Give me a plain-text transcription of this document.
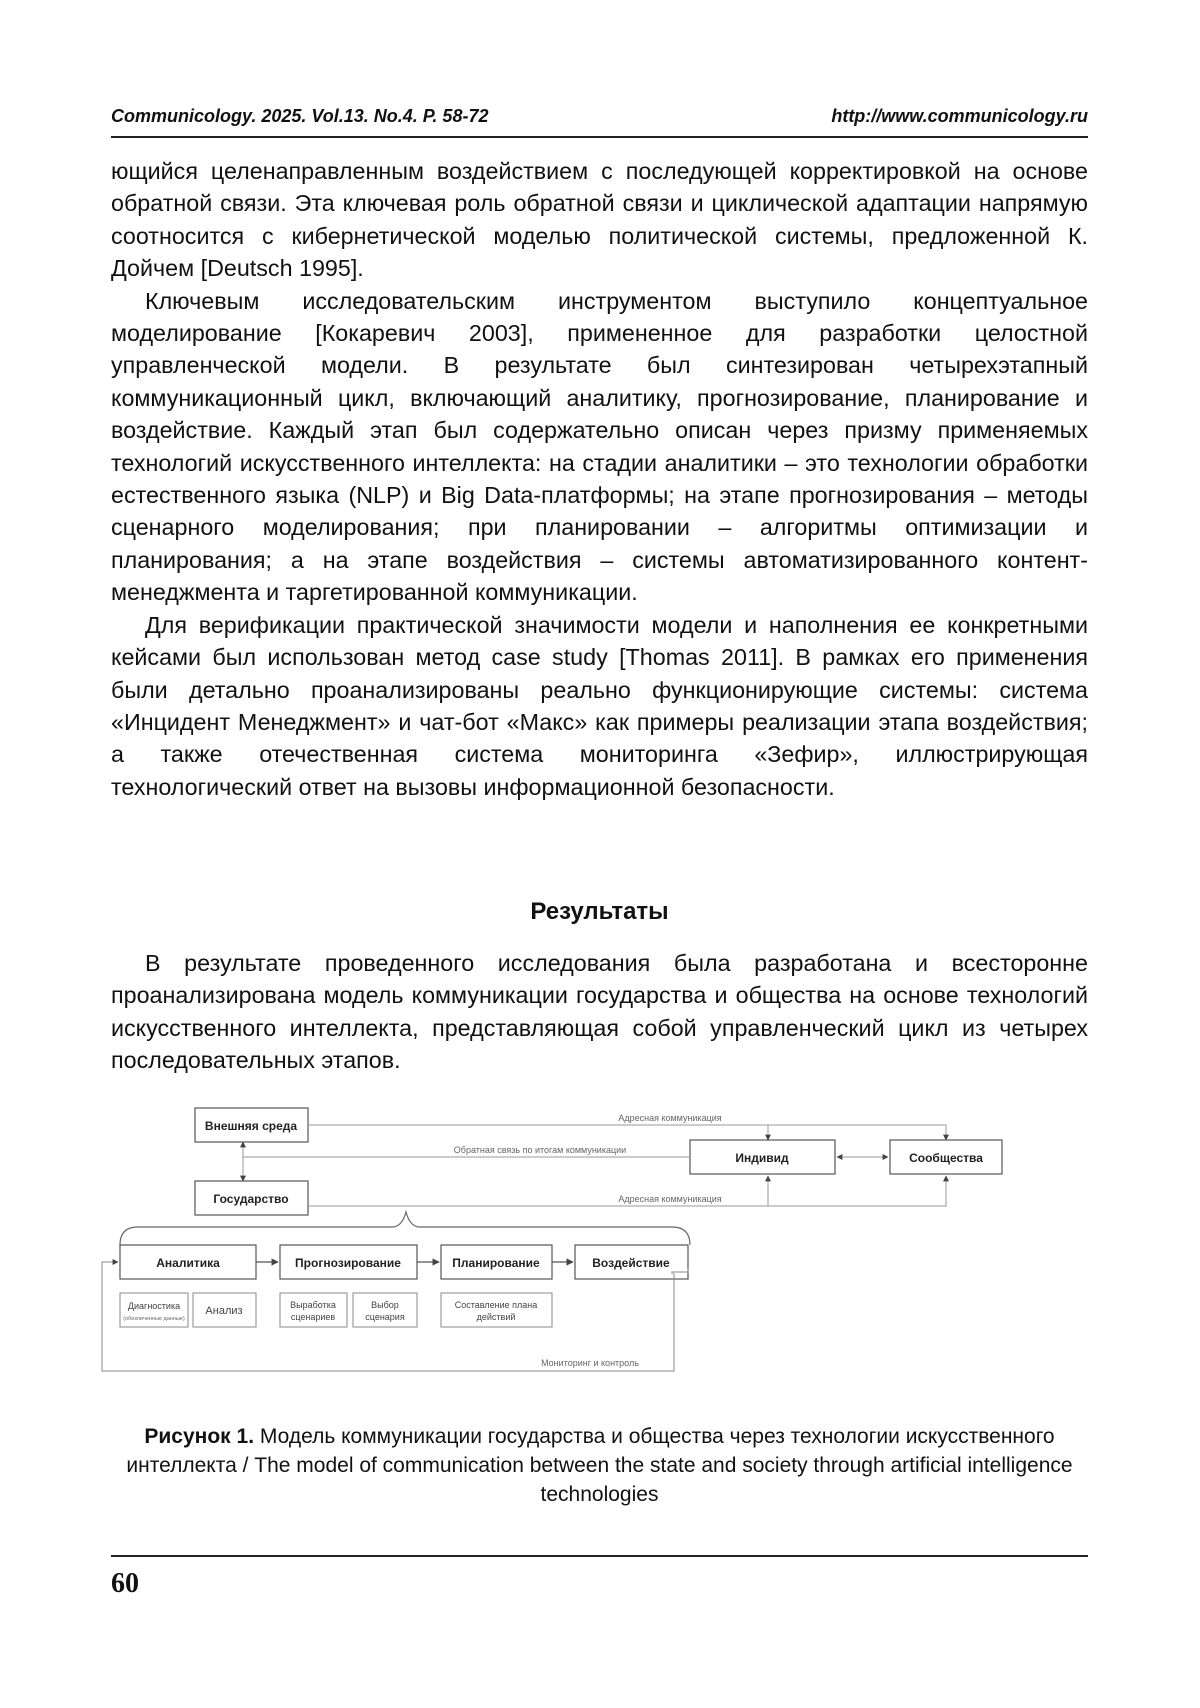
Communicology. 2025. Vol.13. No.4. P. 58-72	http://www.communicology.ru

ющийся целенаправленным воздействием с последующей корректировкой на основе обратной связи. Эта ключевая роль обратной связи и циклической адаптации напрямую соотносится с кибернетической моделью политической системы, предложенной К. Дойчем [Deutsch 1995].

Ключевым исследовательским инструментом выступило концептуальное моделирование [Кокаревич 2003], примененное для разработки целостной управленческой модели. В результате был синтезирован четырехэтапный коммуникационный цикл, включающий аналитику, прогнозирование, планирование и воздействие. Каждый этап был содержательно описан через призму применяемых технологий искусственного интеллекта: на стадии аналитики – это технологии обработки естественного языка (NLP) и Big Data-платформы; на этапе прогнозирования – методы сценарного моделирования; при планировании – алгоритмы оптимизации и планирования; а на этапе воздействия – системы автоматизированного контент-менеджмента и таргетированной коммуникации.

Для верификации практической значимости модели и наполнения ее конкретными кейсами был использован метод case study [Thomas 2011]. В рамках его применения были детально проанализированы реально функционирующие системы: система «Инцидент Менеджмент» и чат-бот «Макс» как примеры реализации этапа воздействия; а также отечественная система мониторинга «Зефир», иллюстрирующая технологический ответ на вызовы информационной безопасности.

Результаты

В результате проведенного исследования была разработана и всесторонне проанализирована модель коммуникации государства и общества на основе технологий искусственного интеллекта, представляющая собой управленческий цикл из четырех последовательных этапов.

Внешняя среда
Государство
Индивид	Сообщества
Адресная коммуникация
Обратная связь по итогам коммуникации
Адресная коммуникация
Аналитика	Прогнозирование	Планирование	Воздействие
Диагностика
(обезличенные данные)
Анализ	Выработка
сценариев
Выбор
сценария
Составление плана
действий
Мониторинг и контроль
Рисунок 1. Модель коммуникации государства и общества через технологии искусственного интеллекта / The model of communication between the state and society through artificial intelligence technologies
60
